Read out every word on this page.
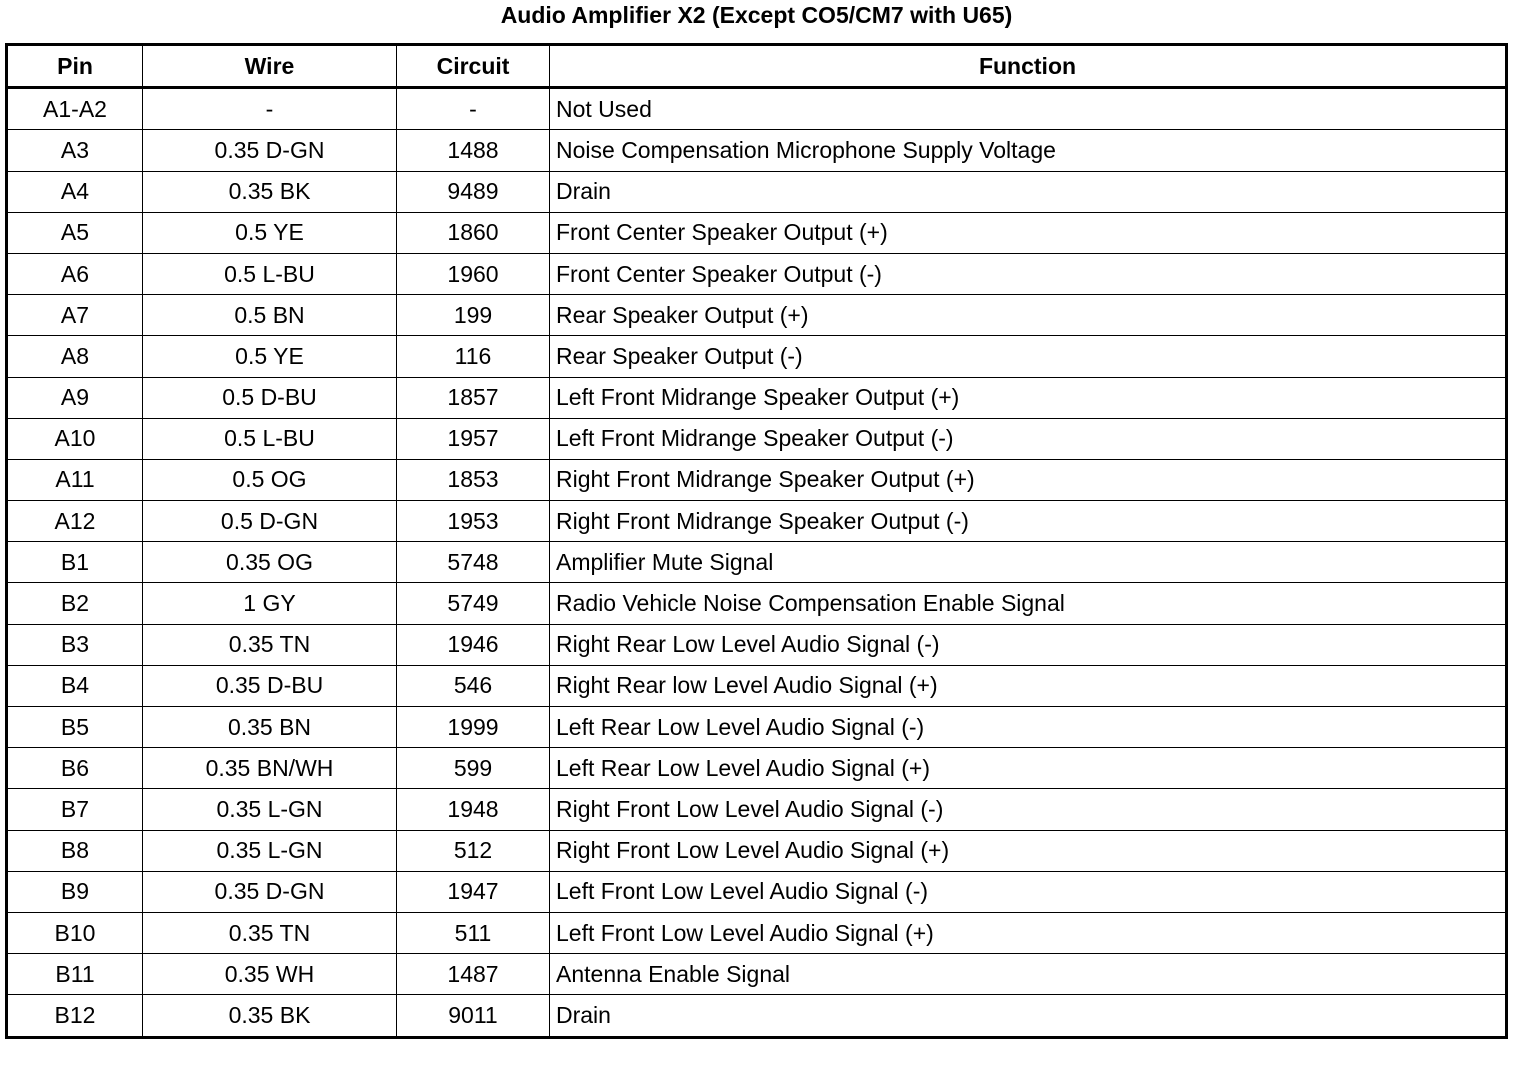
Audio Amplifier X2 (Except CO5/CM7 with U65)
Pin	Wire	Circuit	Function
A1-A2	-	-	Not Used
A3	0.35 D-GN	1488	Noise Compensation Microphone Supply Voltage
A4	0.35 BK	9489	Drain
A5	0.5 YE	1860	Front Center Speaker Output (+)
A6	0.5 L-BU	1960	Front Center Speaker Output (-)
A7	0.5 BN	199	Rear Speaker Output (+)
A8	0.5 YE	116	Rear Speaker Output (-)
A9	0.5 D-BU	1857	Left Front Midrange Speaker Output (+)
A10	0.5 L-BU	1957	Left Front Midrange Speaker Output (-)
A11	0.5 OG	1853	Right Front Midrange Speaker Output (+)
A12	0.5 D-GN	1953	Right Front Midrange Speaker Output (-)
B1	0.35 OG	5748	Amplifier Mute Signal
B2	1 GY	5749	Radio Vehicle Noise Compensation Enable Signal
B3	0.35 TN	1946	Right Rear Low Level Audio Signal (-)
B4	0.35 D-BU	546	Right Rear low Level Audio Signal (+)
B5	0.35 BN	1999	Left Rear Low Level Audio Signal (-)
B6	0.35 BN/WH	599	Left Rear Low Level Audio Signal (+)
B7	0.35 L-GN	1948	Right Front Low Level Audio Signal (-)
B8	0.35 L-GN	512	Right Front Low Level Audio Signal (+)
B9	0.35 D-GN	1947	Left Front Low Level Audio Signal (-)
B10	0.35 TN	511	Left Front Low Level Audio Signal (+)
B11	0.35 WH	1487	Antenna Enable Signal
B12	0.35 BK	9011	Drain
